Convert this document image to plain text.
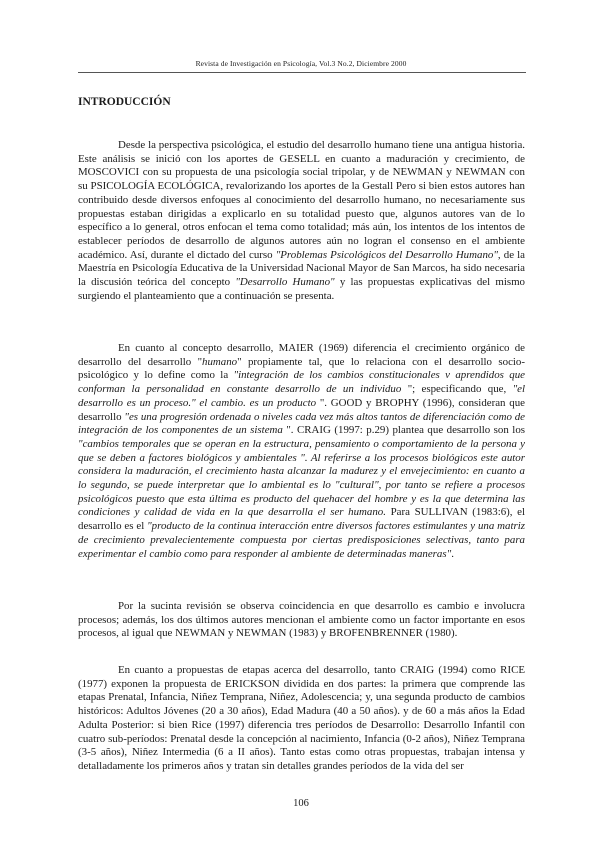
Revista de Investigación en Psicología, Vol.3 No.2, Diciembre 2000
INTRODUCCIÓN

Desde la perspectiva psicológica, el estudio del desarrollo humano tiene una antigua historia. Este análisis se inició con los aportes de GESELL en cuanto a maduración y crecimiento, de MOSCOVICI con su propuesta de una psicología social tripolar, y de NEWMAN y NEWMAN con su PSICOLOGÍA ECOLÓGICA, revalorizando los aportes de la Gestall Pero si bien estos autores han contribuido desde diversos enfoques al conocimiento del desarrollo humano, no necesariamente sus propuestas estaban dirigidas a explicarlo en su totalidad puesto que, algunos autores van de lo específico a lo general, otros enfocan el tema como totalidad; más aún, los intentos de los intentos de establecer períodos de desarrollo de algunos autores aún no logran el consenso en el ambiente académico. Así, durante el dictado del curso "Problemas Psicológicos del Desarrollo Humano", de la Maestría en Psicología Educativa de la Universidad Nacional Mayor de San Marcos, ha sido necesaria la discusión teórica del concepto "Desarrollo Humano" y las propuestas explicativas del mismo surgiendo el planteamiento que a continuación se presenta.

En cuanto al concepto desarrollo, MAIER (1969) diferencia el crecimiento orgánico de desarrollo del desarrollo "humano" propiamente tal, que lo relaciona con el desarrollo socio-psicológico y lo define como la "integración de los cambios constitucionales v aprendidos que conforman la personalidad en constante desarrollo de un individuo "; especificando que, "el desarrollo es un proceso." el cambio. es un producto ". GOOD y BROPHY (1996), consideran que desarrollo "es una progresión ordenada o niveles cada vez más altos tantos de diferenciación como de integración de los componentes de un sistema ". CRAIG (1997: p.29) plantea que desarrollo son los "cambios temporales que se operan en la estructura, pensamiento o comportamiento de la persona y que se deben a factores biológicos y ambientales ". Al referirse a los procesos biológicos este autor considera la maduración, el crecimiento hasta alcanzar la madurez y el envejecimiento: en cuanto a lo segundo, se puede interpretar que lo ambiental es lo "cultural", por tanto se refiere a procesos psicológicos puesto que esta última es producto del quehacer del hombre y es la que determina las condiciones y calidad de vida en la que desarrolla el ser humano. Para SULLIVAN (1983:6), el desarrollo es el "producto de la continua interacción entre diversos factores estimulantes y una matriz de crecimiento prevalecientemente compuesta por ciertas predisposiciones selectivas, tanto para experimentar el cambio como para responder al ambiente de determinadas maneras".

Por la sucinta revisión se observa coincidencia en que desarrollo es cambio e involucra procesos; además, los dos últimos autores mencionan el ambiente como un factor importante en esos procesos, al igual que NEWMAN y NEWMAN (1983) y BROFENBRENNER (1980).

En cuanto a propuestas de etapas acerca del desarrollo, tanto CRAIG (1994) como RICE (1977) exponen la propuesta de ERICKSON dividida en dos partes: la primera que comprende las etapas Prenatal, Infancia, Niñez Temprana, Niñez, Adolescencia; y, una segunda producto de cambios históricos: Adultos Jóvenes (20 a 30 años), Edad Madura (40 a 50 años). y de 60 a más años la Edad Adulta Posterior: si bien Rice (1997) diferencia tres períodos de Desarrollo: Desarrollo Infantil con cuatro sub-períodos: Prenatal desde la concepción al nacimiento, Infancia (0-2 años), Niñez Temprana (3-5 años), Niñez Intermedia (6 a II años). Tanto estas como otras propuestas, trabajan intensa y detalladamente los primeros años y tratan sin detalles grandes períodos de la vida del ser

106
